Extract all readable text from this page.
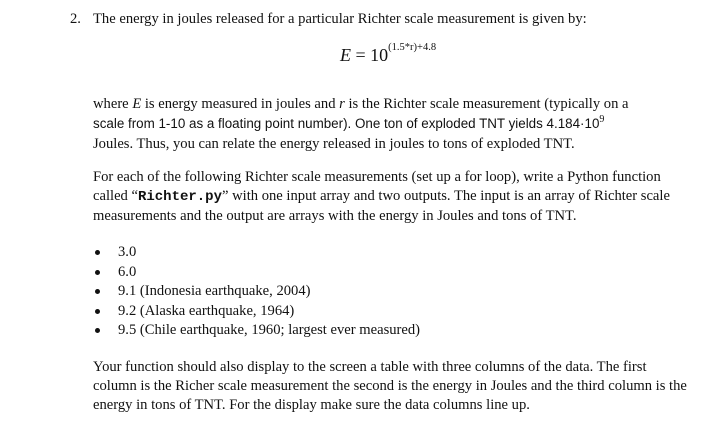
2. The energy in joules released for a particular Richter scale measurement is given by:
$E = 10^{(1.5*r)+4.8}$
where E is energy measured in joules and r is the Richter scale measurement (typically on a
scale from 1-10 as a floating point number). One ton of exploded TNT yields $4.184\cdot 10^9$
Joules. Thus, you can relate the energy released in joules to tons of exploded TNT.
For each of the following Richter scale measurements (set up a for loop), write a Python function called “Richter.py” with one input array and two outputs. The input is an array of Richter scale measurements and the output are arrays with the energy in Joules and tons of TNT.
3.0
6.0
9.1 (Indonesia earthquake, 2004)
9.2 (Alaska earthquake, 1964)
9.5 (Chile earthquake, 1960; largest ever measured)
Your function should also display to the screen a table with three columns of the data. The first column is the Richer scale measurement the second is the energy in Joules and the third column is the energy in tons of TNT. For the display make sure the data columns line up.
